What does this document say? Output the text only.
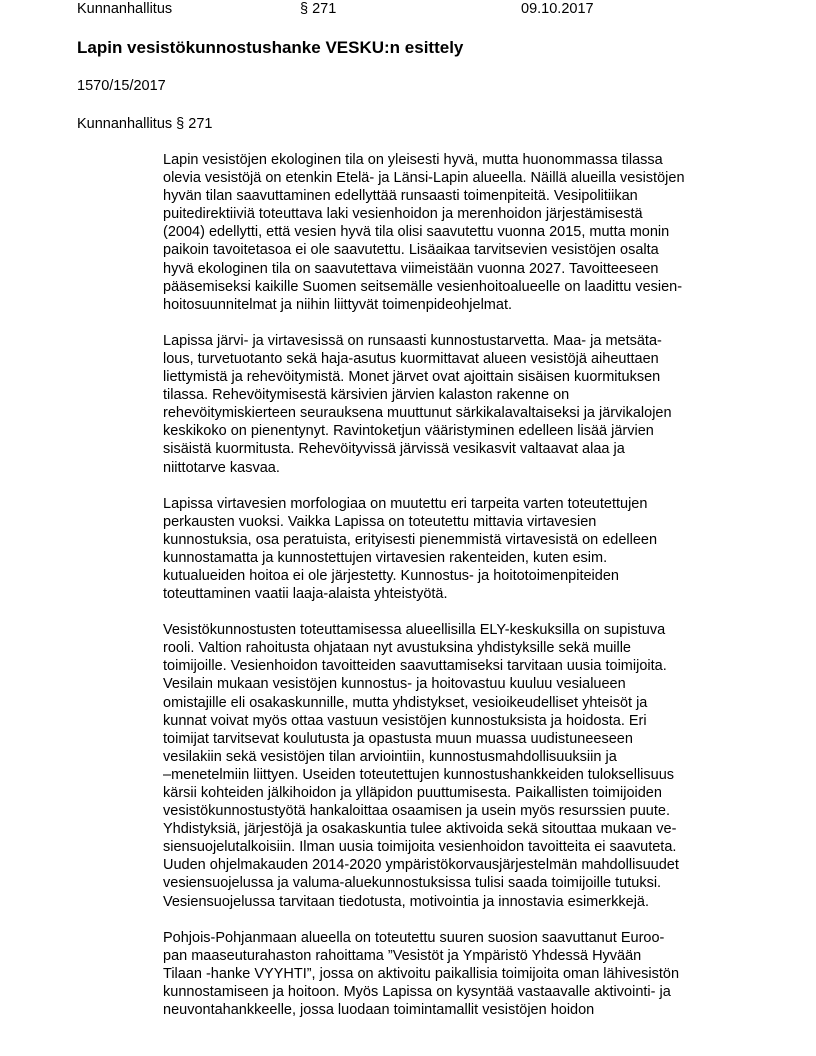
Kunnanhallitus	§ 271	09.10.2017
Lapin vesistökunnostushanke VESKU:n esittely
1570/15/2017
Kunnanhallitus § 271
Lapin vesistöjen ekologinen tila on yleisesti hyvä, mutta huonommassa tilassa
olevia vesistöjä on etenkin Etelä- ja Länsi-Lapin alueella. Näillä alueilla vesistöjen
hyvän tilan saavuttaminen edellyttää runsaasti toimenpiteitä. Vesipolitiikan
puitedirektiiviä toteuttava laki vesienhoidon ja merenhoidon järjestämisestä
(2004) edellytti, että vesien hyvä tila olisi saavutettu vuonna 2015, mutta monin
paikoin tavoitetasoa ei ole saavutettu. Lisäaikaa tarvitsevien vesistöjen osalta
hyvä ekologinen tila on saavutettava viimeistään vuonna 2027. Tavoitteeseen
pääsemiseksi kaikille Suomen seitsemälle vesienhoitoalueelle on laadittu vesien-
hoitosuunnitelmat ja niihin liittyvät toimenpideohjelmat.
Lapissa järvi- ja virtavesissä on runsaasti kunnostustarvetta. Maa- ja metsäta-
lous, turvetuotanto sekä haja-asutus kuormittavat alueen vesistöjä aiheuttaen
liettymistä ja rehevöitymistä. Monet järvet ovat ajoittain sisäisen kuormituksen
tilassa. Rehevöitymisestä kärsivien järvien kalaston rakenne on
rehevöitymiskierteen seurauksena muuttunut särkikalavaltaiseksi ja järvikalojen
keskikoko on pienentynyt. Ravintoketjun vääristyminen edelleen lisää järvien
sisäistä kuormitusta. Rehevöityvissä järvissä vesikasvit valtaavat alaa ja
niittotarve kasvaa.
Lapissa virtavesien morfologiaa on muutettu eri tarpeita varten toteutettujen
perkausten vuoksi. Vaikka Lapissa on toteutettu mittavia virtavesien
kunnostuksia, osa peratuista, erityisesti pienemmistä virtavesistä on edelleen
kunnostamatta ja kunnostettujen virtavesien rakenteiden, kuten esim.
kutualueiden hoitoa ei ole järjestetty. Kunnostus- ja hoitotoimenpiteiden
toteuttaminen vaatii laaja-alaista yhteistyötä.
Vesistökunnostusten toteuttamisessa alueellisilla ELY-keskuksilla on supistuva
rooli. Valtion rahoitusta ohjataan nyt avustuksina yhdistyksille sekä muille
toimijoille. Vesienhoidon tavoitteiden saavuttamiseksi tarvitaan uusia toimijoita.
Vesilain mukaan vesistöjen kunnostus- ja hoitovastuu kuuluu vesialueen
omistajille eli osakaskunnille, mutta yhdistykset, vesioikeudelliset yhteisöt ja
kunnat voivat myös ottaa vastuun vesistöjen kunnostuksista ja hoidosta. Eri
toimijat tarvitsevat koulutusta ja opastusta muun muassa uudistuneeseen
vesilakiin sekä vesistöjen tilan arviointiin, kunnostusmahdollisuuksiin ja
–menetelmiin liittyen. Useiden toteutettujen kunnostushankkeiden tuloksellisuus
kärsii kohteiden jälkihoidon ja ylläpidon puuttumisesta. Paikallisten toimijoiden
vesistökunnostustyötä hankaloittaa osaamisen ja usein myös resurssien puute.
Yhdistyksiä, järjestöjä ja osakaskuntia tulee aktivoida sekä sitouttaa mukaan ve-
siensuojelutalkoisiin. Ilman uusia toimijoita vesienhoidon tavoitteita ei saavuteta.
Uuden ohjelmakauden 2014-2020 ympäristökorvausjärjestelmän mahdollisuudet
vesiensuojelussa ja valuma-aluekunnostuksissa tulisi saada toimijoille tutuksi.
Vesiensuojelussa tarvitaan tiedotusta, motivointia ja innostavia esimerkkejä.
Pohjois-Pohjanmaan alueella on toteutettu suuren suosion saavuttanut Euroo-
pan maaseuturahaston rahoittama ”Vesistöt ja Ympäristö Yhdessä Hyvään
Tilaan -hanke VYYHTI”, jossa on aktivoitu paikallisia toimijoita oman lähivesistön
kunnostamiseen ja hoitoon. Myös Lapissa on kysyntää vastaavalle aktivointi- ja
neuvontahankkeelle, jossa luodaan toimintamallit vesistöjen hoidon
